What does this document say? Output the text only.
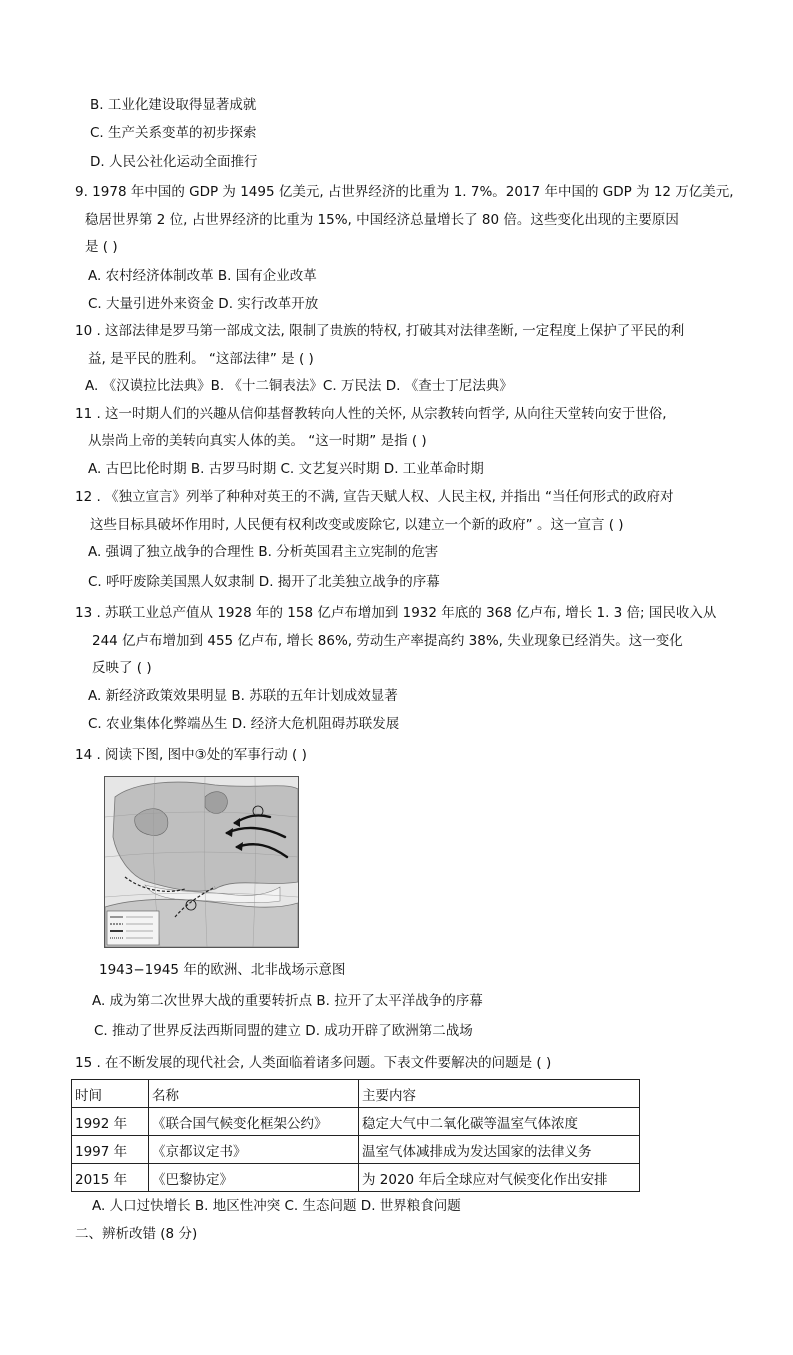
B. 工业化建设取得显著成就
C. 生产关系变革的初步探索
D. 人民公社化运动全面推行
9. 1978 年中国的 GDP 为 1495 亿美元, 占世界经济的比重为 1. 7%。2017 年中国的 GDP 为 12 万亿美元,
稳居世界第 2 位, 占世界经济的比重为 15%, 中国经济总量增长了 80 倍。这些变化出现的主要原因
是 ( )
A. 农村经济体制改革 B. 国有企业改革
C. 大量引进外来资金 D. 实行改革开放
10 . 这部法律是罗马第一部成文法, 限制了贵族的特权, 打破其对法律垄断, 一定程度上保护了平民的利
益, 是平民的胜利。 “这部法律” 是 ( )
A. 《汉谟拉比法典》B. 《十二铜表法》C. 万民法 D. 《查士丁尼法典》
11 . 这一时期人们的兴趣从信仰基督教转向人性的关怀, 从宗教转向哲学, 从向往天堂转向安于世俗,
从崇尚上帝的美转向真实人体的美。 “这一时期” 是指 ( )
A. 古巴比伦时期 B. 古罗马时期 C. 文艺复兴时期 D. 工业革命时期
12 . 《独立宣言》列举了种种对英王的不满, 宣告天赋人权、人民主权, 并指出 “当任何形式的政府对
这些目标具破坏作用时, 人民便有权利改变或废除它, 以建立一个新的政府” 。这一宣言 ( )
A. 强调了独立战争的合理性 B. 分析英国君主立宪制的危害
C. 呼吁废除美国黑人奴隶制 D. 揭开了北美独立战争的序幕
13 . 苏联工业总产值从 1928 年的 158 亿卢布增加到 1932 年底的 368 亿卢布, 增长 1. 3 倍; 国民收入从
244 亿卢布增加到 455 亿卢布, 增长 86%, 劳动生产率提高约 38%, 失业现象已经消失。这一变化
反映了 ( )
A. 新经济政策效果明显 B. 苏联的五年计划成效显著
C. 农业集体化弊端丛生 D. 经济大危机阻碍苏联发展
14 . 阅读下图, 图中③处的军事行动 ( )
1943−1945 年的欧洲、北非战场示意图
A. 成为第二次世界大战的重要转折点 B. 拉开了太平洋战争的序幕
C. 推动了世界反法西斯同盟的建立 D. 成功开辟了欧洲第二战场
15 . 在不断发展的现代社会, 人类面临着诸多问题。下表文件要解决的问题是 ( )
时间	名称	主要内容
1992 年	《联合国气候变化框架公约》	稳定大气中二氧化碳等温室气体浓度
1997 年	《京都议定书》	温室气体减排成为发达国家的法律义务
2015 年	《巴黎协定》	为 2020 年后全球应对气候变化作出安排
A. 人口过快增长 B. 地区性冲突 C. 生态问题 D. 世界粮食问题
二、辨析改错 (8 分)
